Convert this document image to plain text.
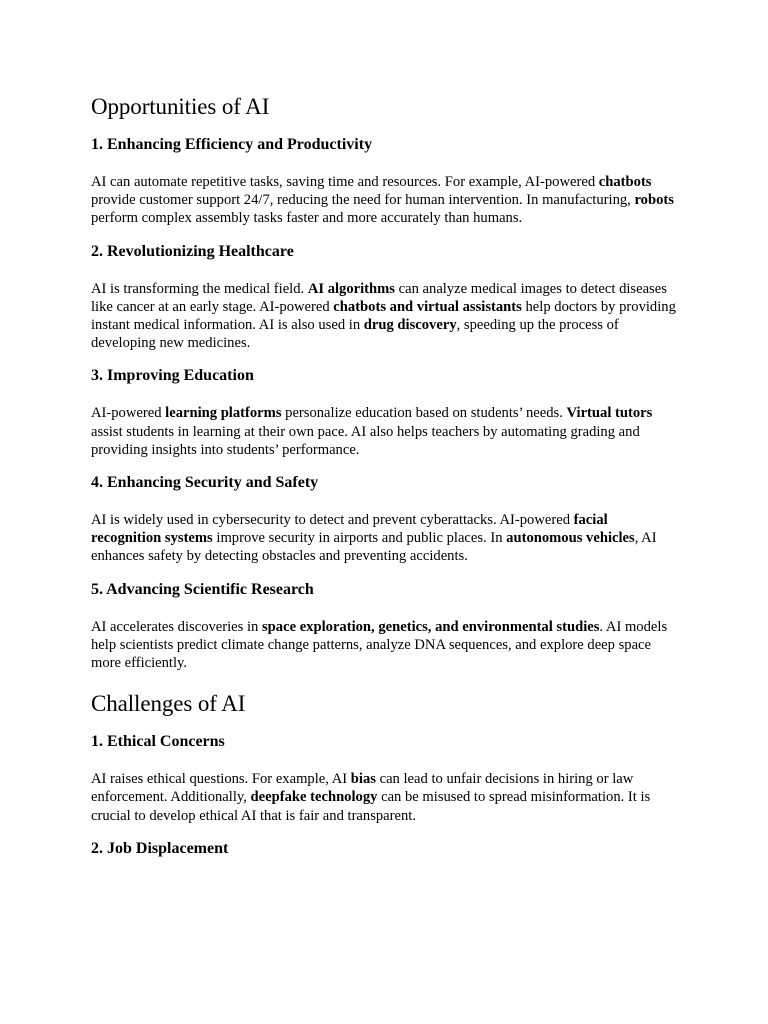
Opportunities of AI
1. Enhancing Efficiency and Productivity

AI can automate repetitive tasks, saving time and resources. For example, AI-powered chatbots provide customer support 24/7, reducing the need for human intervention. In manufacturing, robots perform complex assembly tasks faster and more accurately than humans.

2. Revolutionizing Healthcare

AI is transforming the medical field. AI algorithms can analyze medical images to detect diseases like cancer at an early stage. AI-powered chatbots and virtual assistants help doctors by providing instant medical information. AI is also used in drug discovery, speeding up the process of developing new medicines.

3. Improving Education

AI-powered learning platforms personalize education based on students’ needs. Virtual tutors assist students in learning at their own pace. AI also helps teachers by automating grading and providing insights into students’ performance.

4. Enhancing Security and Safety

AI is widely used in cybersecurity to detect and prevent cyberattacks. AI-powered facial recognition systems improve security in airports and public places. In autonomous vehicles, AI enhances safety by detecting obstacles and preventing accidents.

5. Advancing Scientific Research

AI accelerates discoveries in space exploration, genetics, and environmental studies. AI models help scientists predict climate change patterns, analyze DNA sequences, and explore deep space more efficiently.

Challenges of AI
1. Ethical Concerns

AI raises ethical questions. For example, AI bias can lead to unfair decisions in hiring or law enforcement. Additionally, deepfake technology can be misused to spread misinformation. It is crucial to develop ethical AI that is fair and transparent.

2. Job Displacement
